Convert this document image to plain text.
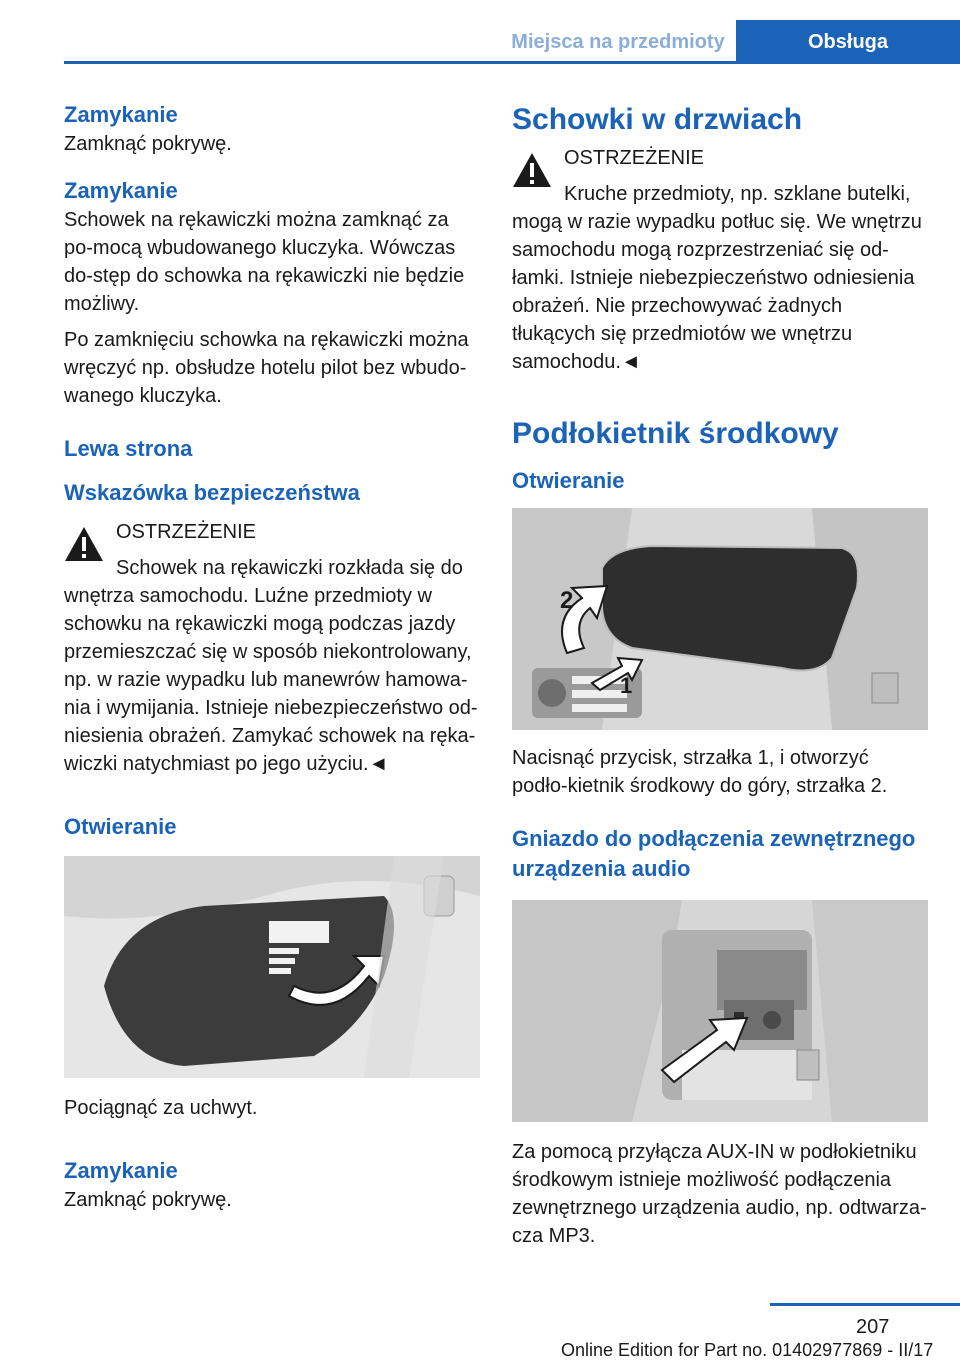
Miejsca na przedmioty	Obsługa
Zamykanie

Zamknąć pokrywę.

Zamykanie

Schowek na rękawiczki można zamknąć za po-mocą wbudowanego kluczyka. Wówczas do-stęp do schowka na rękawiczki nie będzie możliwy.

Po zamknięciu schowka na rękawiczki można wręczyć np. obsłudze hotelu pilot bez wbudo-wanego kluczyka.

Lewa strona
Wskazówka bezpieczeństwa
OSTRZEŻENIE

Schowek na rękawiczki rozkłada się do

wnętrza samochodu. Luźne przedmioty w schowku na rękawiczki mogą podczas jazdy przemieszczać się w sposób niekontrolowany, np. w razie wypadku lub manewrów hamowa-nia i wymijania. Istnieje niebezpieczeństwo od-niesienia obrażeń. Zamykać schowek na ręka-wiczki natychmiast po jego użyciu.◄

Otwieranie

Pociągnąć za uchwyt.

Zamykanie

Zamknąć pokrywę.

Schowki w drzwiach
OSTRZEŻENIE

Kruche przedmioty, np. szklane butelki,

mogą w razie wypadku potłuc się. We wnętrzu samochodu mogą rozprzestrzeniać się od-łamki. Istnieje niebezpieczeństwo odniesienia obrażeń. Nie przechowywać żadnych tłukących się przedmiotów we wnętrzu samochodu.◄

Podłokietnik środkowy
Otwieranie
2
1

Nacisnąć przycisk, strzałka 1, i otworzyć podło-kietnik środkowy do góry, strzałka 2.

Gniazdo do podłączenia zewnętrznego urządzenia audio

Za pomocą przyłącza AUX-IN w podłokietniku środkowym istnieje możliwość podłączenia zewnętrznego urządzenia audio, np. odtwarza-cza MP3.

207
Online Edition for Part no. 01402977869 - II/17
